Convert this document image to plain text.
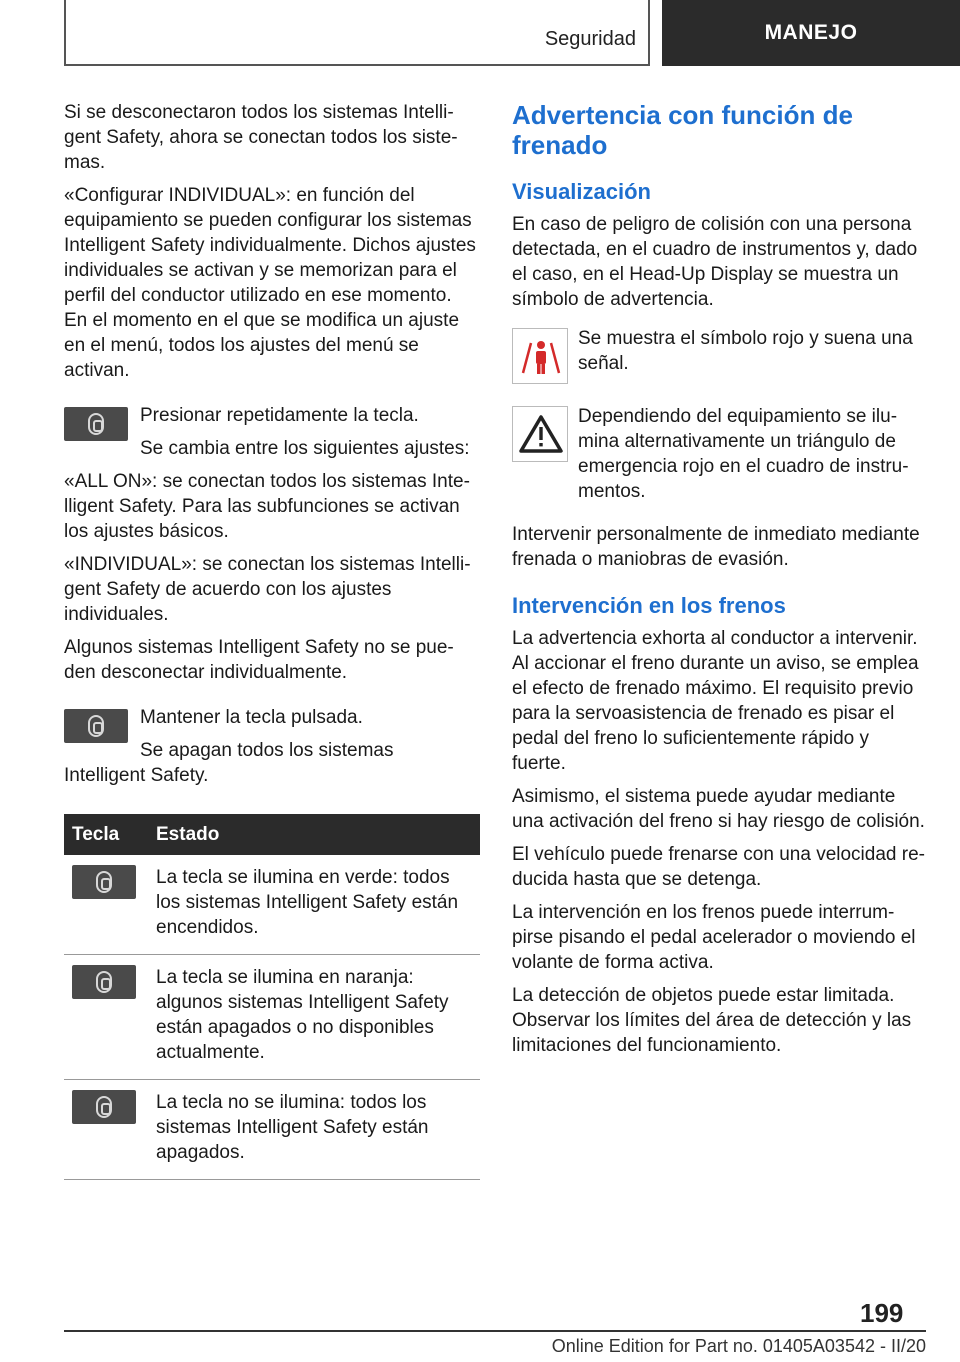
Seguridad	MANEJO

Si se desconectaron todos los sistemas Intelligent Safety, ahora se conectan todos los sistemas.

«Configurar INDIVIDUAL»: en función del equipamiento se pueden configurar los sistemas Intelligent Safety individualmente. Dichos ajustes individuales se activan y se memorizan para el perfil del conductor utilizado en ese momento. En el momento en el que se modifica un ajuste en el menú, todos los ajustes del menú se activan.

Presionar repetidamente la tecla.

Se cambia entre los siguientes ajustes:

«ALL ON»: se conectan todos los sistemas Intelligent Safety. Para las subfunciones se activan los ajustes básicos.

«INDIVIDUAL»: se conectan los sistemas Intelligent Safety de acuerdo con los ajustes individuales.

Algunos sistemas Intelligent Safety no se pueden desconectar individualmente.

Mantener la tecla pulsada.

Se apagan todos los sistemas Intelligent Safety.

Tecla	Estado

	La tecla se ilumina en verde: todos los sistemas Intelligent Safety están encendidos.

	La tecla se ilumina en naranja: algunos sistemas Intelligent Safety están apagados o no disponibles actualmente.

	La tecla no se ilumina: todos los sistemas Intelligent Safety están apagados.
Advertencia con función de frenado
Visualización

En caso de peligro de colisión con una persona detectada, en el cuadro de instrumentos y, dado el caso, en el Head-Up Display se muestra un símbolo de advertencia.

Se muestra el símbolo rojo y suena una señal.

Dependiendo del equipamiento se ilumina alternativamente un triángulo de emergencia rojo en el cuadro de instrumentos.

Intervenir personalmente de inmediato mediante frenada o maniobras de evasión.

Intervención en los frenos

La advertencia exhorta al conductor a intervenir. Al accionar el freno durante un aviso, se emplea el efecto de frenado máximo. El requisito previo para la servoasistencia de frenado es pisar el pedal del freno lo suficientemente rápido y fuerte.

Asimismo, el sistema puede ayudar mediante una activación del freno si hay riesgo de colisión.

El vehículo puede frenarse con una velocidad reducida hasta que se detenga.

La intervención en los frenos puede interrumpirse pisando el pedal acelerador o moviendo el volante de forma activa.

La detección de objetos puede estar limitada. Observar los límites del área de detección y las limitaciones del funcionamiento.

199
Online Edition for Part no. 01405A03542 - II/20
